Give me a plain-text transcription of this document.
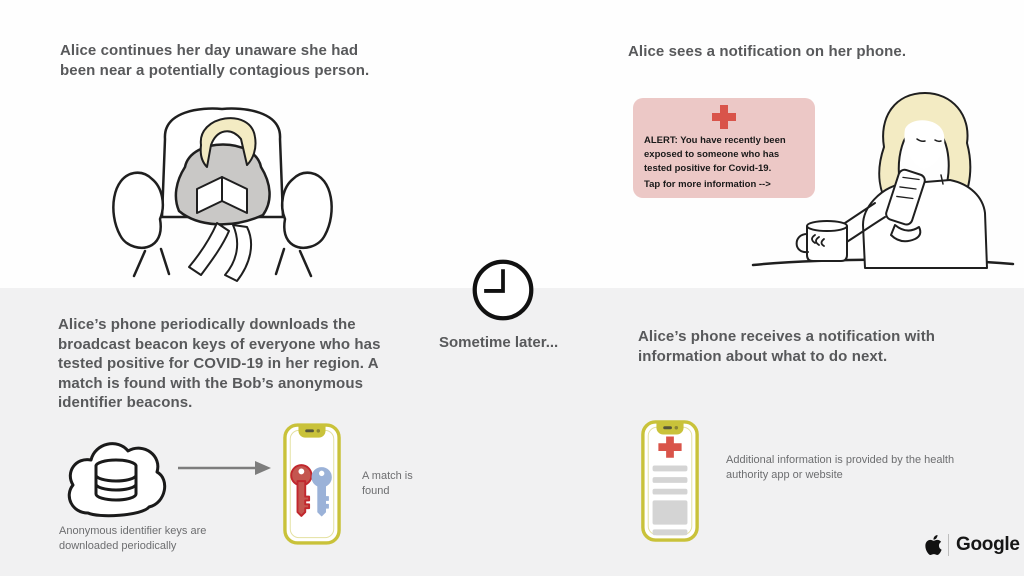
Alice continues her day unaware she had been near a potentially contagious person.
Alice sees a notification on her phone.
ALERT: You have recently been exposed to someone who has tested positive for Covid-19.
Tap for more information -->
Sometime later...
Alice’s phone periodically downloads the broadcast beacon keys of everyone who has tested positive for COVID-19 in her region. A match is found with the Bob’s anonymous identifier beacons.
A match is found
Anonymous identifier keys are downloaded periodically
Alice’s phone receives a notification with information about what to do next.
Additional information is provided by the health authority app or website
Google
